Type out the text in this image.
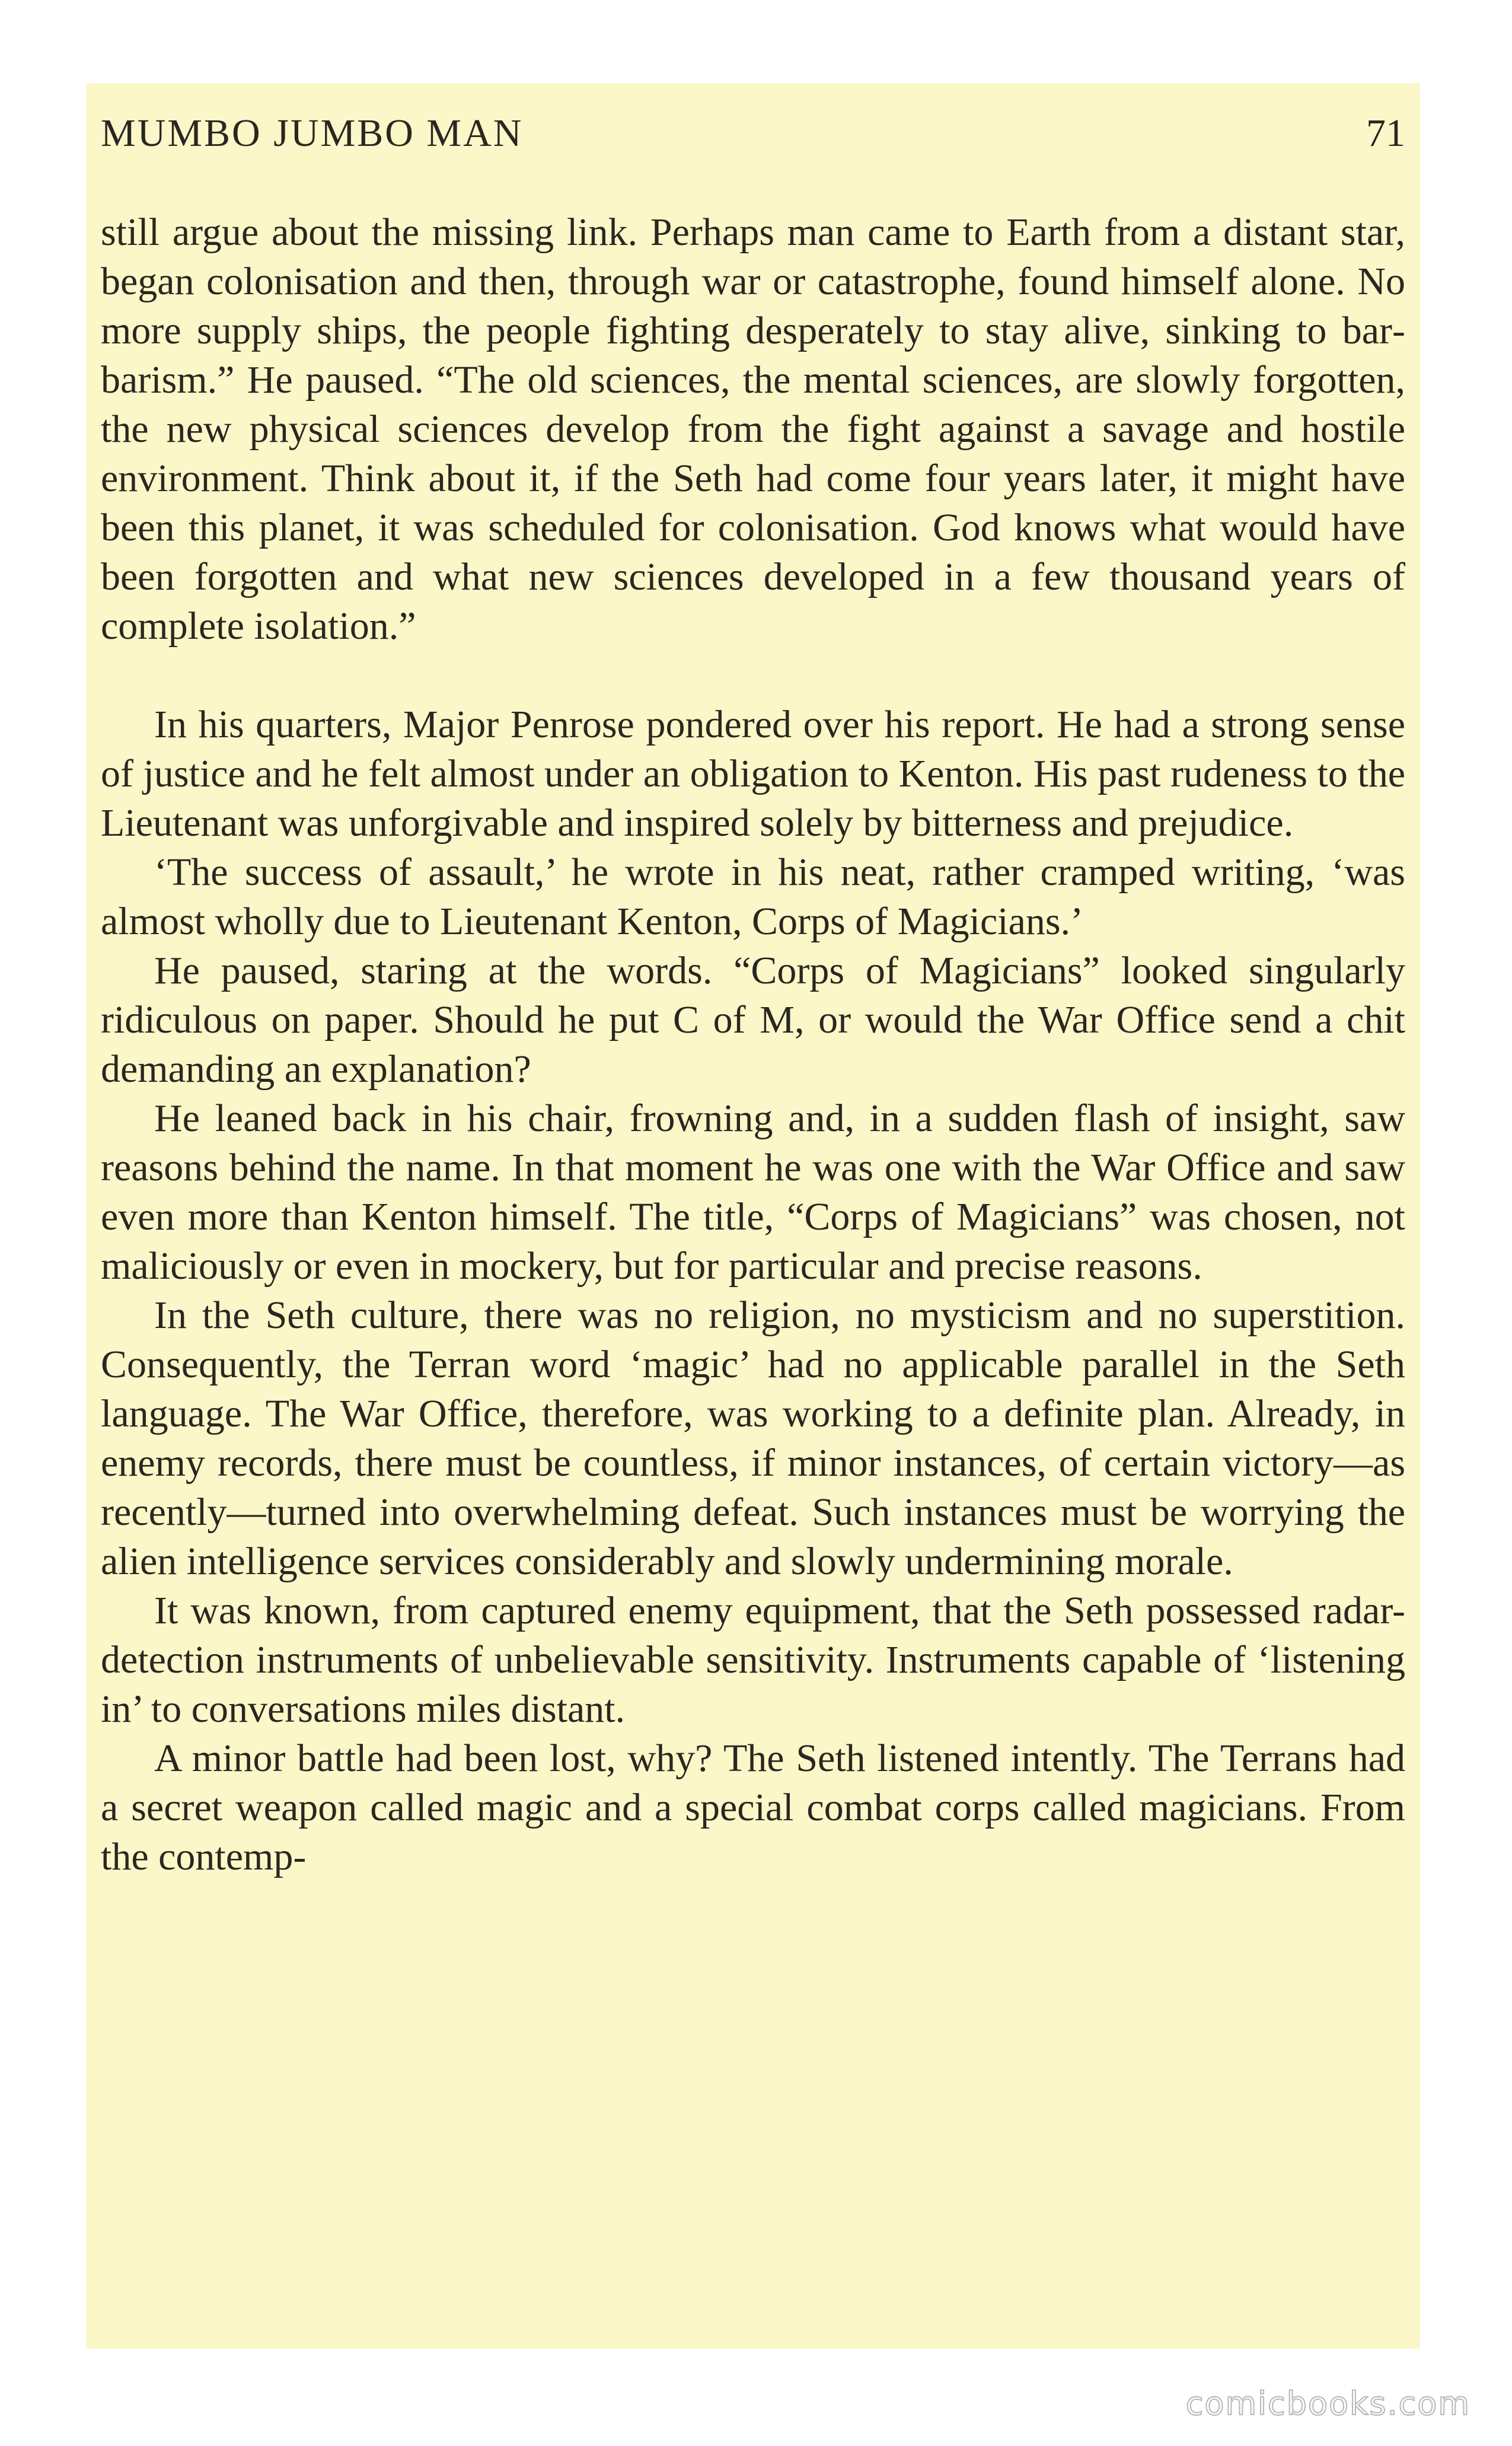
MUMBO JUMBO MAN	71

still argue about the missing link. Perhaps man came to Earth from a distant star, began colonisation and then, through war or catastrophe, found himself alone. No more supply ships, the people fighting desperately to stay alive, sinking to barbarism.” He paused. “The old sciences, the mental sciences, are slowly forgotten, the new physical sciences develop from the fight against a savage and hostile environment. Think about it, if the Seth had come four years later, it might have been this planet, it was scheduled for colonisation. God knows what would have been forgotten and what new sciences developed in a few thousand years of complete isolation.”

In his quarters, Major Penrose pondered over his report. He had a strong sense of justice and he felt almost under an obligation to Kenton. His past rudeness to the Lieutenant was unforgivable and inspired solely by bitterness and prejudice.

‘The success of assault,’ he wrote in his neat, rather cramped writing, ‘was almost wholly due to Lieutenant Kenton, Corps of Magicians.’

He paused, staring at the words. “Corps of Magicians” looked singularly ridiculous on paper. Should he put C of M, or would the War Office send a chit demanding an explanation?

He leaned back in his chair, frowning and, in a sudden flash of insight, saw reasons behind the name. In that moment he was one with the War Office and saw even more than Kenton himself. The title, “Corps of Magicians” was chosen, not maliciously or even in mockery, but for particular and precise reasons.

In the Seth culture, there was no religion, no mysticism and no superstition. Consequently, the Terran word ‘magic’ had no applicable parallel in the Seth language. The War Office, therefore, was working to a definite plan. Already, in enemy records, there must be countless, if minor instances, of certain victory—as recently—turned into overwhelming defeat. Such instances must be worrying the alien intelligence services considerably and slowly undermining morale.

It was known, from captured enemy equipment, that the Seth possessed radar-detection instruments of unbelievable sensitivity. Instruments capable of ‘listening in’ to conversations miles distant.

A minor battle had been lost, why? The Seth listened intently. The Terrans had a secret weapon called magic and a special combat corps called magicians. From the contemp-

comicbooks.com
